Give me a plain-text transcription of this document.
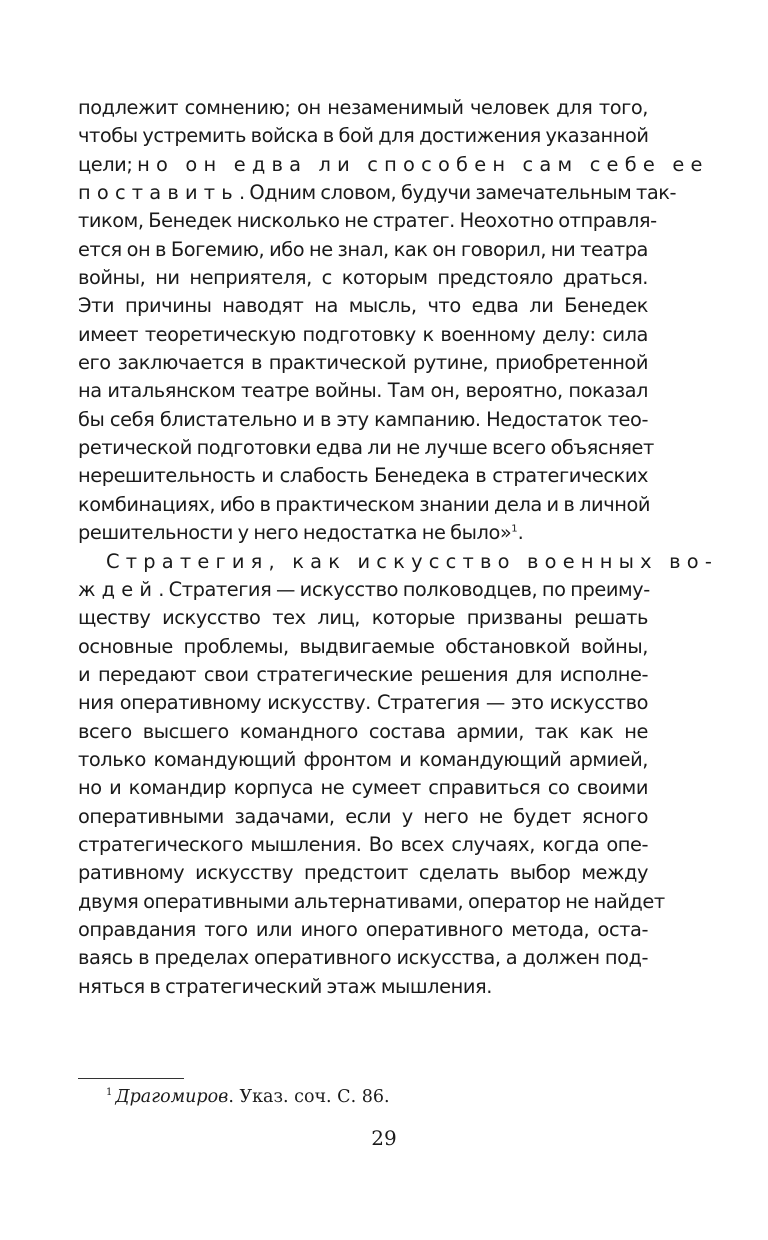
подлежит сомнению; он незаменимый человек для того,
чтобы устремить войска в бой для достижения указанной
цели; но он едва ли способен сам себе ее
поставить. Одним словом, будучи замечательным так-
тиком, Бенедек нисколько не стратег. Неохотно отправля-
ется он в Богемию, ибо не знал, как он говорил, ни театра
войны, ни неприятеля, с которым предстояло драться.
Эти причины наводят на мысль, что едва ли Бенедек
имеет теоретическую подготовку к военному делу: сила
его заключается в практической рутине, приобретенной
на итальянском театре войны. Там он, вероятно, показал
бы себя блистательно и в эту кампанию. Недостаток тео-
ретической подготовки едва ли не лучше всего объясняет
нерешительность и слабость Бенедека в стратегических
комбинациях, ибо в практическом знании дела и в личной
решительности у него недостатка не было»$^1$.
Стратегия, как искусство военных во-
ждей. Стратегия — искусство полководцев, по преиму-
ществу искусство тех лиц, которые призваны решать
основные проблемы, выдвигаемые обстановкой войны,
и передают свои стратегические решения для исполне-
ния оперативному искусству. Стратегия — это искусство
всего высшего командного состава армии, так как не
только командующий фронтом и командующий армией,
но и командир корпуса не сумеет справиться со своими
оперативными задачами, если у него не будет ясного
стратегического мышления. Во всех случаях, когда опе-
ративному искусству предстоит сделать выбор между
двумя оперативными альтернативами, оператор не найдет
оправдания того или иного оперативного метода, оста-
ваясь в пределах оперативного искусства, а должен под-
няться в стратегический этаж мышления.
$^1$ Драгомиров. Указ. соч. С. 86.
29
